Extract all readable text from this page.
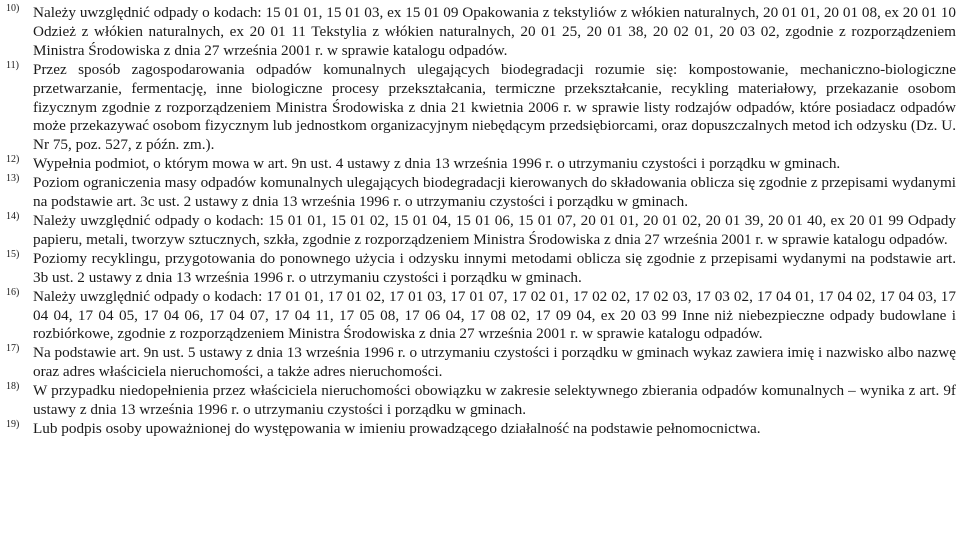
10) Należy uwzględnić odpady o kodach: 15 01 01, 15 01 03, ex 15 01 09 Opakowania z tekstyliów z włókien naturalnych, 20 01 01, 20 01 08, ex 20 01 10 Odzież z włókien naturalnych, ex 20 01 11 Tekstylia z włókien naturalnych, 20 01 25, 20 01 38, 20 02 01, 20 03 02, zgodnie z rozporządzeniem Ministra Środowiska z dnia 27 września 2001 r. w sprawie katalogu odpadów.
11) Przez sposób zagospodarowania odpadów komunalnych ulegających biodegradacji rozumie się: kompostowanie, mechaniczno-biologiczne przetwarzanie, fermentację, inne biologiczne procesy przekształcania, termiczne przekształcanie, recykling materiałowy, przekazanie osobom fizycznym zgodnie z rozporządzeniem Ministra Środowiska z dnia 21 kwietnia 2006 r. w sprawie listy rodzajów odpadów, które posiadacz odpadów może przekazywać osobom fizycznym lub jednostkom organizacyjnym niebędącym przedsiębiorcami, oraz dopuszczalnych metod ich odzysku (Dz. U. Nr 75, poz. 527, z późn. zm.).
12) Wypełnia podmiot, o którym mowa w art. 9n ust. 4 ustawy z dnia 13 września 1996 r. o utrzymaniu czystości i porządku w gminach.
13) Poziom ograniczenia masy odpadów komunalnych ulegających biodegradacji kierowanych do składowania oblicza się zgodnie z przepisami wydanymi na podstawie art. 3c ust. 2 ustawy z dnia 13 września 1996 r. o utrzymaniu czystości i porządku w gminach.
14) Należy uwzględnić odpady o kodach: 15 01 01, 15 01 02, 15 01 04, 15 01 06, 15 01 07, 20 01 01, 20 01 02, 20 01 39, 20 01 40, ex 20 01 99 Odpady papieru, metali, tworzyw sztucznych, szkła, zgodnie z rozporządzeniem Ministra Środowiska z dnia 27 września 2001 r. w sprawie katalogu odpadów.
15) Poziomy recyklingu, przygotowania do ponownego użycia i odzysku innymi metodami oblicza się zgodnie z przepisami wydanymi na podstawie art. 3b ust. 2 ustawy z dnia 13 września 1996 r. o utrzymaniu czystości i porządku w gminach.
16) Należy uwzględnić odpady o kodach: 17 01 01, 17 01 02, 17 01 03, 17 01 07, 17 02 01, 17 02 02, 17 02 03, 17 03 02, 17 04 01, 17 04 02, 17 04 03, 17 04 04, 17 04 05, 17 04 06, 17 04 07, 17 04 11, 17 05 08, 17 06 04, 17 08 02, 17 09 04, ex 20 03 99 Inne niż niebezpieczne odpady budowlane i rozbiórkowe, zgodnie z rozporządzeniem Ministra Środowiska z dnia 27 września 2001 r. w sprawie katalogu odpadów.
17) Na podstawie art. 9n ust. 5 ustawy z dnia 13 września 1996 r. o utrzymaniu czystości i porządku w gminach wykaz zawiera imię i nazwisko albo nazwę oraz adres właściciela nieruchomości, a także adres nieruchomości.
18) W przypadku niedopełnienia przez właściciela nieruchomości obowiązku w zakresie selektywnego zbierania odpadów komunalnych – wynika z art. 9f ustawy z dnia 13 września 1996 r. o utrzymaniu czystości i porządku w gminach.
19) Lub podpis osoby upoważnionej do występowania w imieniu prowadzącego działalność na podstawie pełnomocnictwa.
